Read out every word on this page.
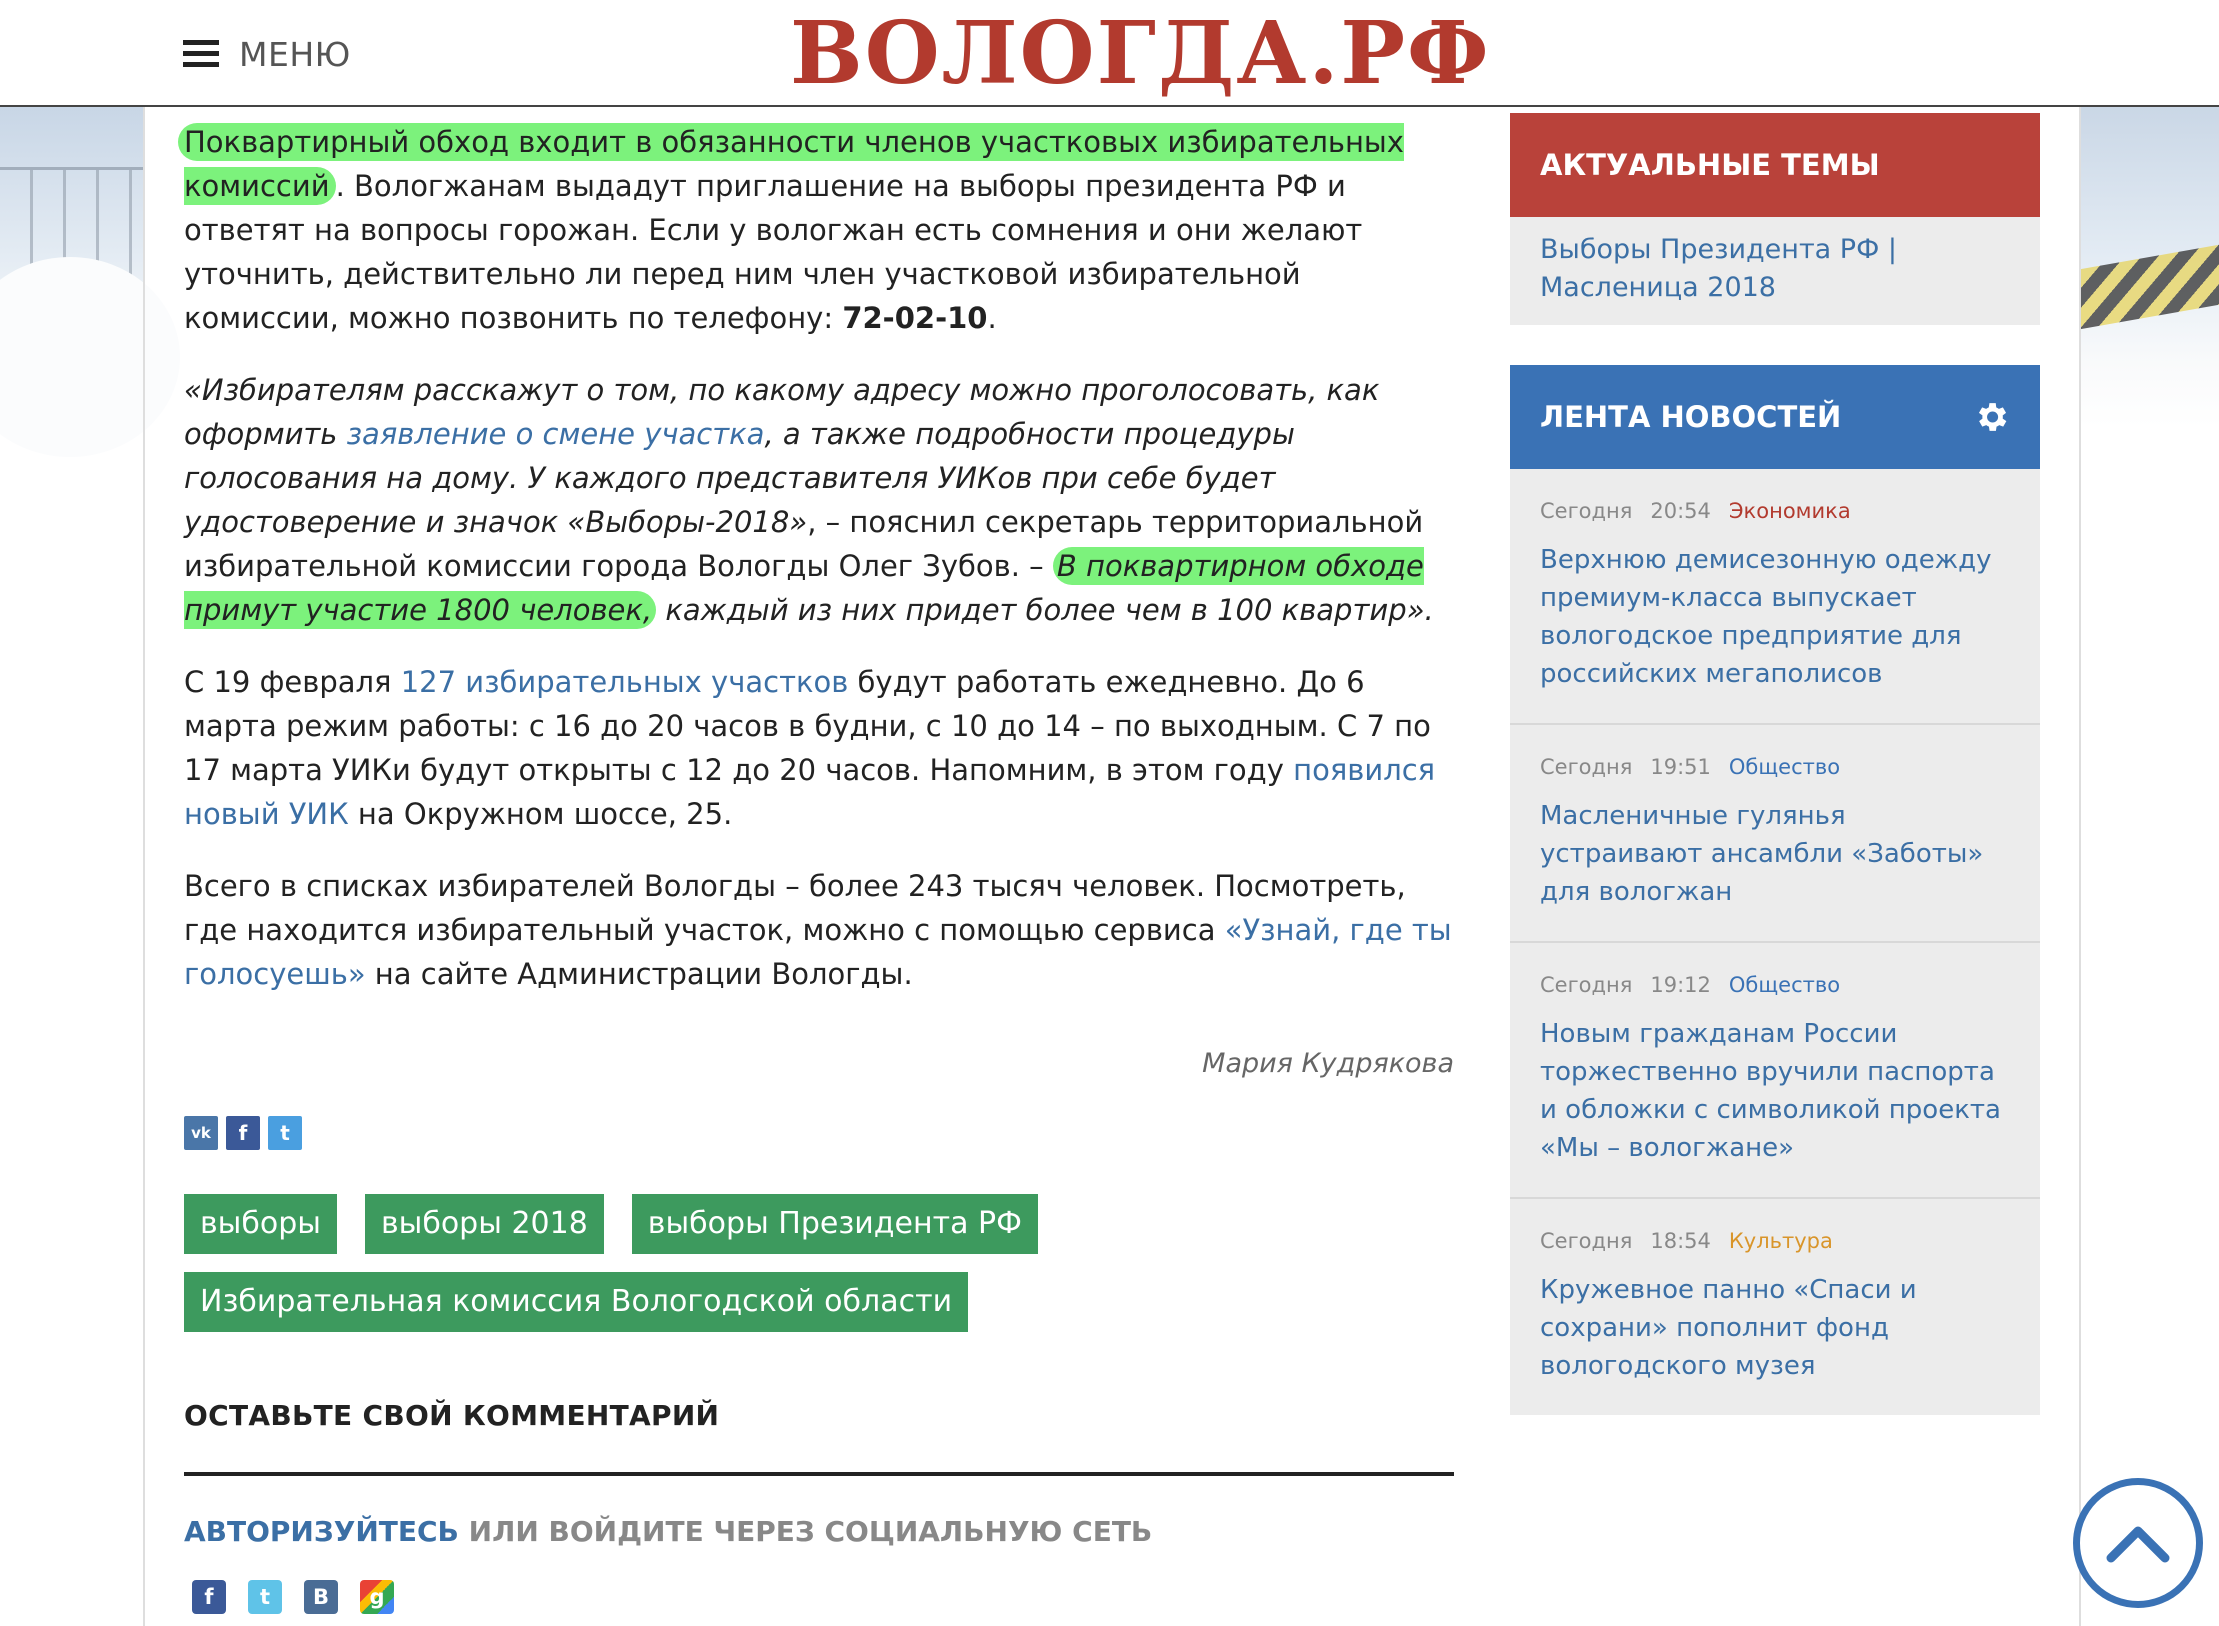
МЕНЮ	ВОЛОГДА.РФ

Поквартирный обход входит в обязанности членов участковых избирательных комиссий . Вологжанам выдадут приглашение на выборы президента РФ и ответят на вопросы горожан. Если у вологжан есть сомнения и они желают уточнить, действительно ли перед ним член участковой избирательной комиссии, можно позвонить по телефону: 72-02-10.

«Избирателям расскажут о том, по какому адресу можно проголосовать, как оформить заявление о смене участка, а также подробности процедуры голосования на дому. У каждого представителя УИКов при себе будет удостоверение и значок «Выборы-2018», – пояснил секретарь территориальной избирательной комиссии города Вологды Олег Зубов. – В поквартирном обходе примут участие 1800 человек, каждый из них придет более чем в 100 квартир».

С 19 февраля 127 избирательных участков будут работать ежедневно. До 6 марта режим работы: с 16 до 20 часов в будни, с 10 до 14 – по выходным. С 7 по 17 марта УИКи будут открыты с 12 до 20 часов. Напомним, в этом году появился новый УИК на Окружном шоссе, 25.

Всего в списках избирателей Вологды – более 243 тысяч человек. Посмотреть, где находится избирательный участок, можно с помощью сервиса «Узнай, где ты голосуешь» на сайте Администрации Вологды.

Мария Кудрякова
vk	f	t
выборы	выборы 2018	выборы Президента РФ
Избирательная комиссия Вологодской области
ОСТАВЬТЕ СВОЙ КОММЕНТАРИЙ
АВТОРИЗУЙТЕСЬ ИЛИ ВОЙДИТЕ ЧЕРЕЗ СОЦИАЛЬНУЮ СЕТЬ
f	t	B	g
АКТУАЛЬНЫЕ ТЕМЫ
Выборы Президента РФ | Масленица 2018
ЛЕНТА НОВОСТЕЙ
Сегодня 20:54 Экономика
Верхнюю демисезонную одежду премиум-класса выпускает вологодское предприятие для российских мегаполисов
Сегодня 19:51 Общество
Масленичные гулянья устраивают ансамбли «Заботы» для вологжан
Сегодня 19:12 Общество
Новым гражданам России торжественно вручили паспорта и обложки с символикой проекта «Мы – вологжане»
Сегодня 18:54 Культура
Кружевное панно «Спаси и сохрани» пополнит фонд вологодского музея
